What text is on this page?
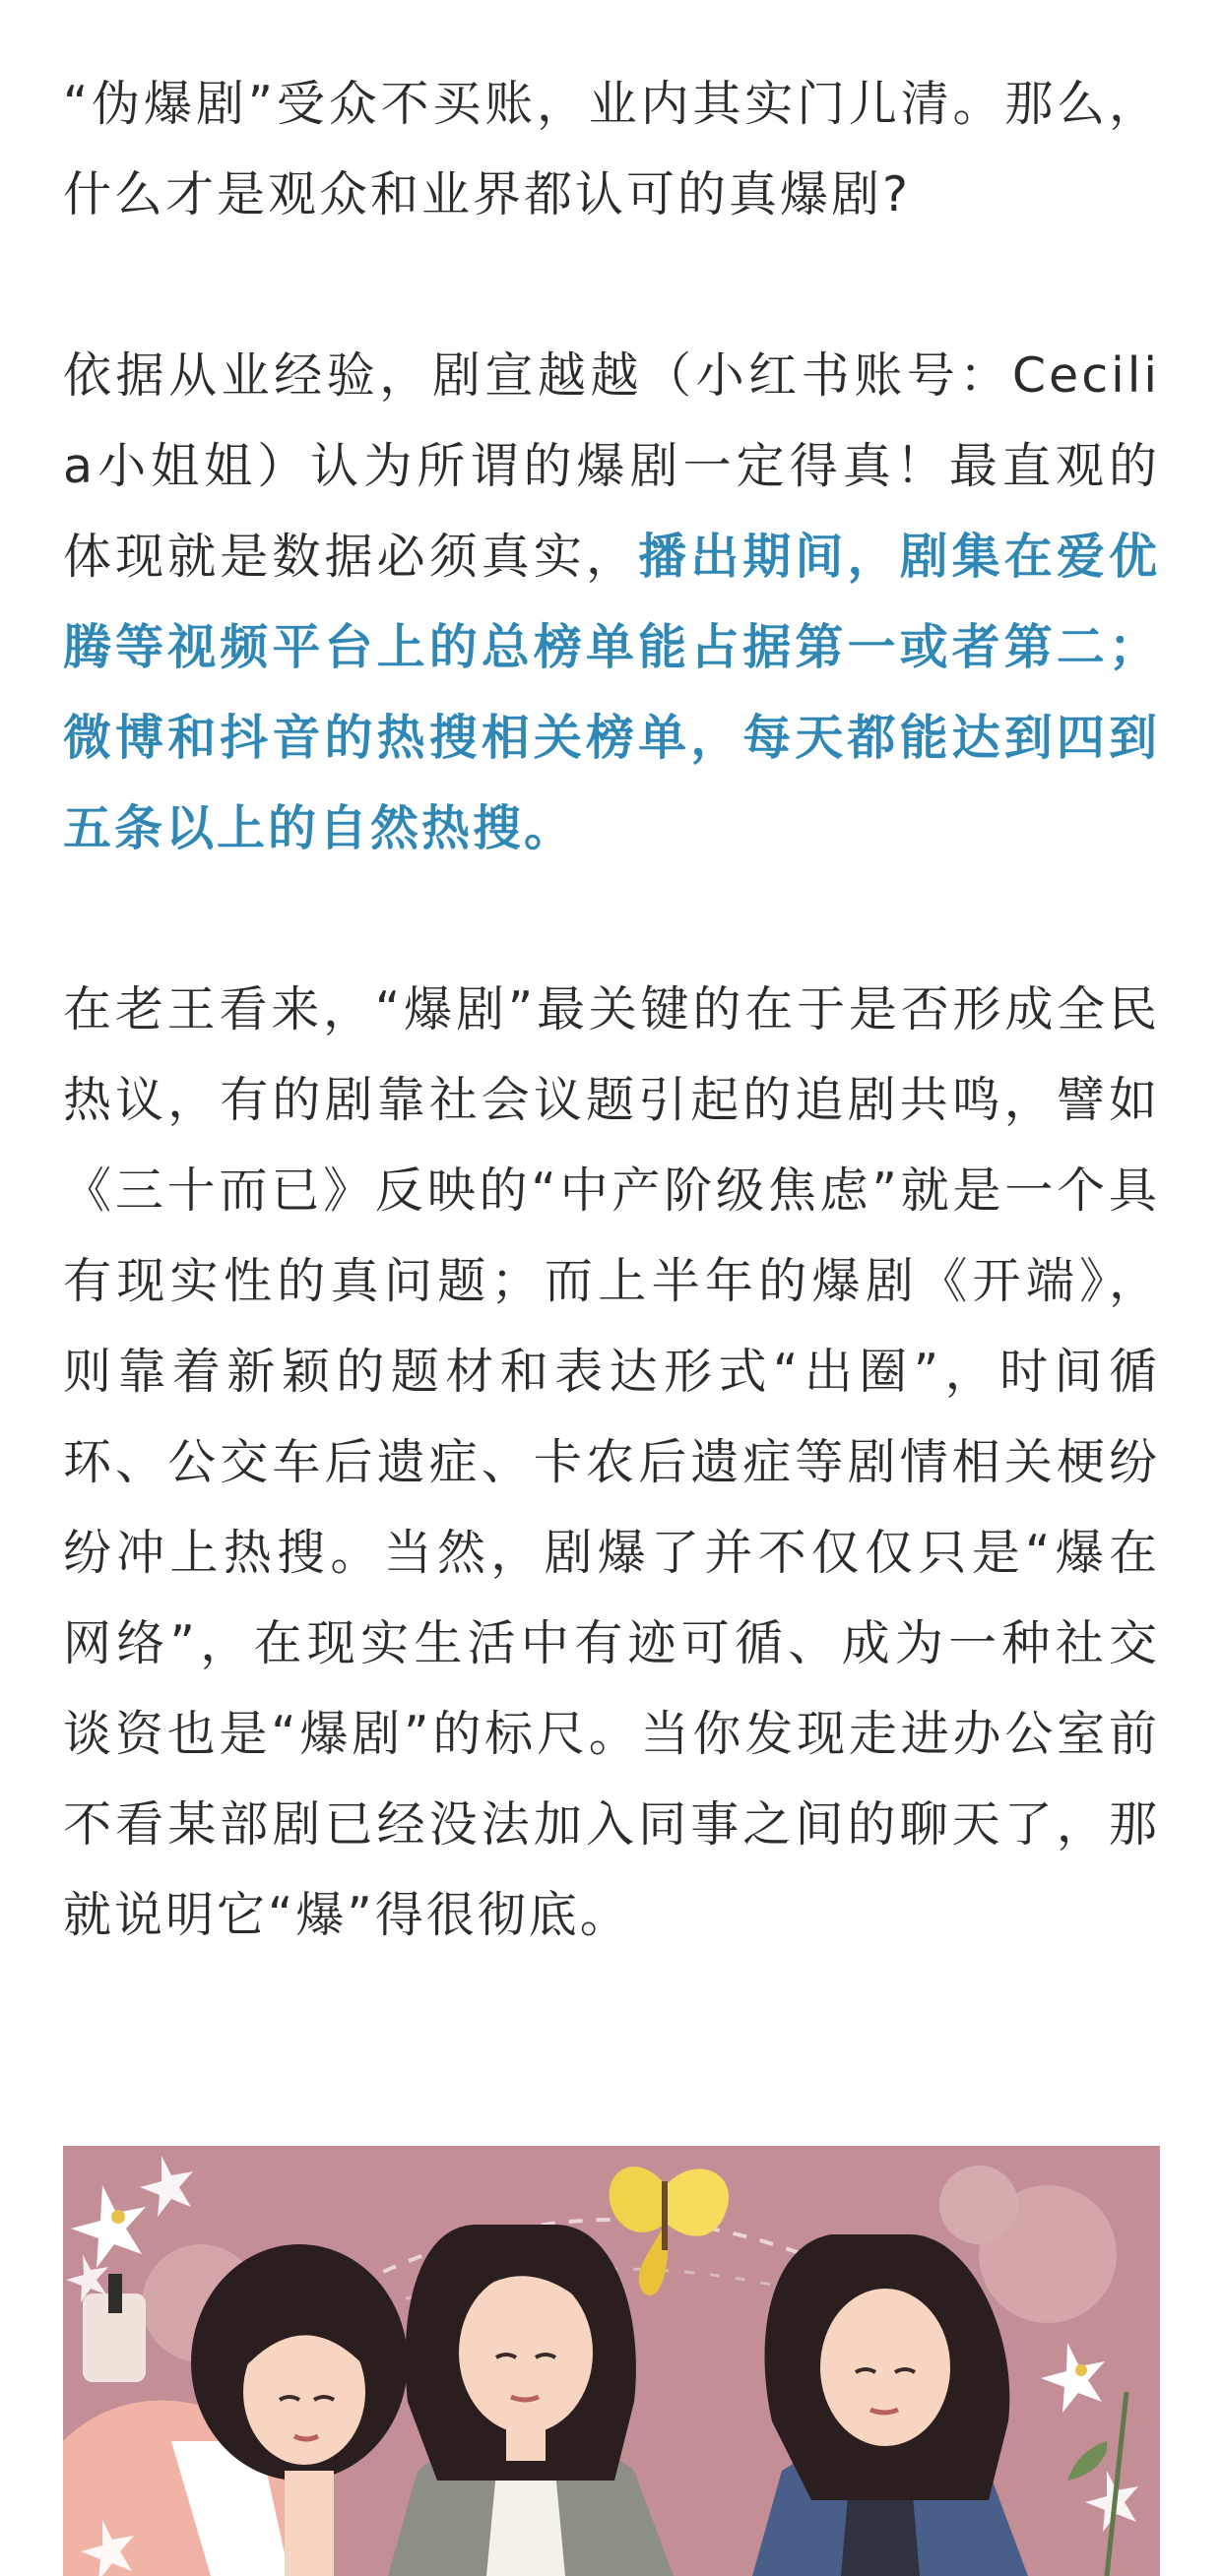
“伪爆剧”受众不买账，业内其实门儿清。那么，什么才是观众和业界都认可的真爆剧?

依据从业经验，剧宣越越（小红书账号：Cecilia小姐姐）认为所谓的爆剧一定得真！最直观的体现就是数据必须真实，播出期间，剧集在爱优腾等视频平台上的总榜单能占据第一或者第二；微博和抖音的热搜相关榜单，每天都能达到四到五条以上的自然热搜。

在老王看来，“爆剧”最关键的在于是否形成全民热议，有的剧靠社会议题引起的追剧共鸣，譬如《三十而已》反映的“中产阶级焦虑”就是一个具有现实性的真问题；而上半年的爆剧《开端》，则靠着新颖的题材和表达形式“出圈”，时间循环、公交车后遗症、卡农后遗症等剧情相关梗纷纷冲上热搜。当然，剧爆了并不仅仅只是“爆在网络”，在现实生活中有迹可循、成为一种社交谈资也是“爆剧”的标尺。当你发现走进办公室前不看某部剧已经没法加入同事之间的聊天了，那就说明它“爆”得很彻底。
